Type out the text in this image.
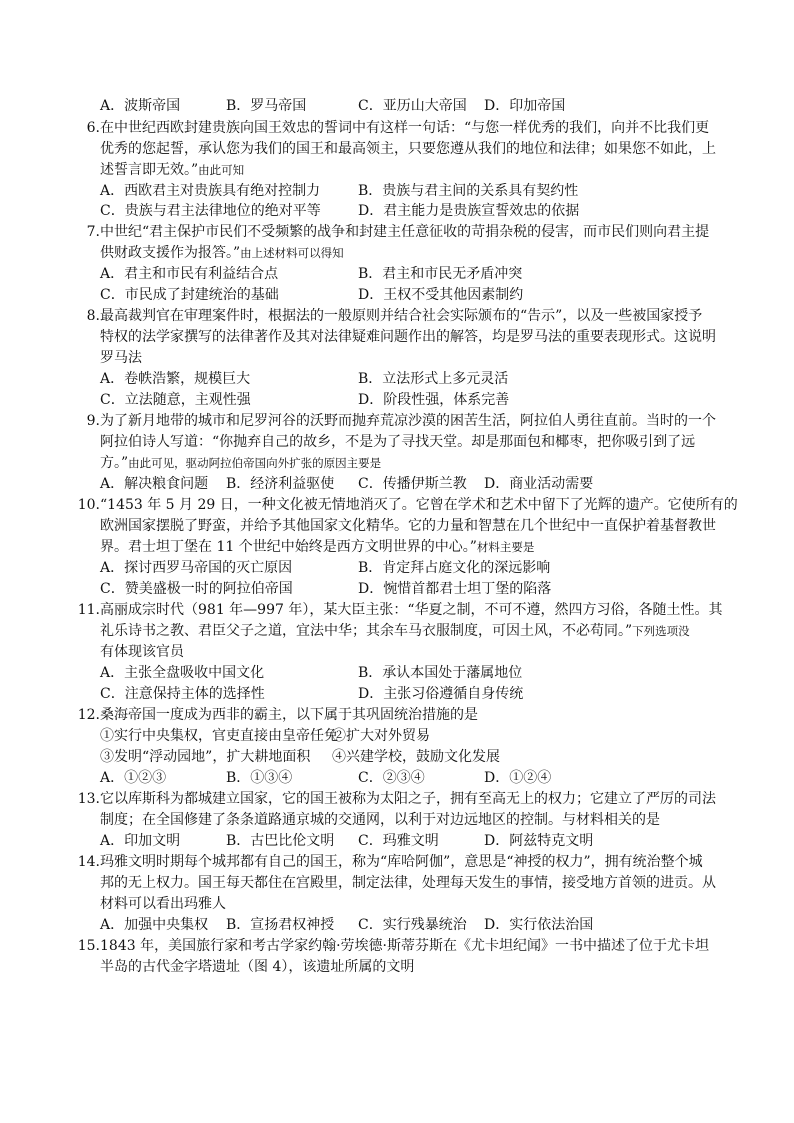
A．波斯帝国	B．罗马帝国	C．亚历山大帝国 D．印加帝国
6.在中世纪西欧封建贵族向国王效忠的誓词中有这样一句话：“与您一样优秀的我们，向并不比我们更
优秀的您起誓，承认您为我们的国王和最高领主，只要您遵从我们的地位和法律；如果您不如此，上
述誓言即无效。”由此可知
A．西欧君主对贵族具有绝对控制力	B．贵族与君主间的关系具有契约性
C．贵族与君主法律地位的绝对平等	D．君主能力是贵族宣誓效忠的依据
7.中世纪“君主保护市民们不受频繁的战争和封建主任意征收的苛捐杂税的侵害，而市民们则向君主提
供财政支援作为报答。”由上述材料可以得知
A．君主和市民有利益结合点	B．君主和市民无矛盾冲突
C．市民成了封建统治的基础	D．王权不受其他因素制约
8.最高裁判官在审理案件时，根据法的一般原则并结合社会实际颁布的“告示”，以及一些被国家授予
特权的法学家撰写的法律著作及其对法律疑难问题作出的解答，均是罗马法的重要表现形式。这说明
罗马法
A．卷帙浩繁，规模巨大	B．立法形式上多元灵活
C．立法随意，主观性强	D．阶段性强，体系完善
9.为了新月地带的城市和尼罗河谷的沃野而抛弃荒凉沙漠的困苦生活，阿拉伯人勇往直前。当时的一个
阿拉伯诗人写道：“你抛弃自己的故乡，不是为了寻找天堂。却是那面包和椰枣，把你吸引到了远
方。”由此可见，驱动阿拉伯帝国向外扩张的原因主要是
A．解决粮食问题 B．经济利益驱使 C．传播伊斯兰教 D．商业活动需要
10.“1453 年 5 月 29 日，一种文化被无情地消灭了。它曾在学术和艺术中留下了光辉的遗产。它使所有的
欧洲国家摆脱了野蛮，并给予其他国家文化精华。它的力量和智慧在几个世纪中一直保护着基督教世
界。君士坦丁堡在 11 个世纪中始终是西方文明世界的中心。”材料主要是
A．探讨西罗马帝国的灭亡原因	B．肯定拜占庭文化的深远影响
C．赞美盛极一时的阿拉伯帝国	D．惋惜首都君士坦丁堡的陷落
11.高丽成宗时代（981 年—997 年），某大臣主张：“华夏之制，不可不遵，然四方习俗，各随土性。其
礼乐诗书之教、君臣父子之道，宜法中华；其余车马衣服制度，可因土风，不必苟同。”下列选项没
有体现该官员
A．主张全盘吸收中国文化	B．承认本国处于藩属地位
C．注意保持主体的选择性	D．主张习俗遵循自身传统
12.桑海帝国一度成为西非的霸主，以下属于其巩固统治措施的是
①实行中央集权，官吏直接由皇帝任免②扩大对外贸易
③发明“浮动园地”，扩大耕地面积 ④兴建学校，鼓励文化发展
A．①②③	B．①③④	C．②③④	D．①②④
13.它以库斯科为都城建立国家，它的国王被称为太阳之子，拥有至高无上的权力；它建立了严厉的司法
制度；在全国修建了条条道路通京城的交通网，以利于对边远地区的控制。与材料相关的是
A．印加文明	B．古巴比伦文明 C．玛雅文明	D．阿兹特克文明
14.玛雅文明时期每个城邦都有自己的国王，称为“库哈阿伽”，意思是“神授的权力”，拥有统治整个城
邦的无上权力。国王每天都住在宫殿里，制定法律，处理每天发生的事情，接受地方首领的进贡。从
材料可以看出玛雅人
A．加强中央集权 B．宣扬君权神授 C．实行残暴统治 D．实行依法治国
15.1843 年，美国旅行家和考古学家约翰·劳埃德·斯蒂芬斯在《尤卡坦纪闻》一书中描述了位于尤卡坦
半岛的古代金字塔遗址（图 4），该遗址所属的文明
